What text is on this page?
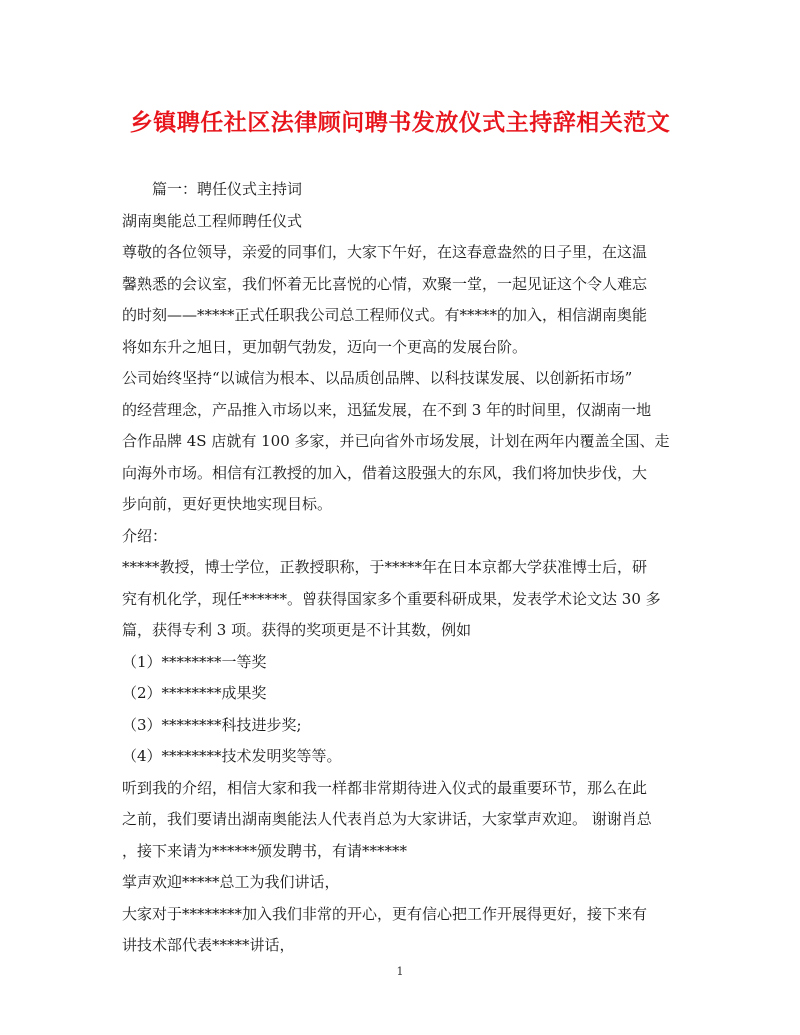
乡镇聘任社区法律顾问聘书发放仪式主持辞相关范文
篇一：聘任仪式主持词
湖南奥能总工程师聘任仪式
尊敬的各位领导，亲爱的同事们，大家下午好，在这春意盎然的日子里，在这温
馨熟悉的会议室，我们怀着无比喜悦的心情，欢聚一堂，一起见证这个令人难忘
的时刻——*****正式任职我公司总工程师仪式。有*****的加入，相信湖南奥能
将如东升之旭日，更加朝气勃发，迈向一个更高的发展台阶。
公司始终坚持“以诚信为根本、以品质创品牌、以科技谋发展、以创新拓市场”
的经营理念，产品推入市场以来，迅猛发展，在不到 3 年的时间里，仅湖南一地
合作品牌 4S 店就有 100 多家，并已向省外市场发展，计划在两年内覆盖全国、走
向海外市场。相信有江教授的加入，借着这股强大的东风，我们将加快步伐，大
步向前，更好更快地实现目标。
介绍：
*****教授，博士学位，正教授职称，于*****年在日本京都大学获准博士后，研
究有机化学，现任******。曾获得国家多个重要科研成果，发表学术论文达 30 多
篇，获得专利 3 项。获得的奖项更是不计其数，例如
（1）********一等奖
（2）********成果奖
（3）********科技进步奖;
（4）********技术发明奖等等。
听到我的介绍，相信大家和我一样都非常期待进入仪式的最重要环节，那么在此
之前，我们要请出湖南奥能法人代表肖总为大家讲话，大家掌声欢迎。 谢谢肖总
，接下来请为******颁发聘书，有请******
掌声欢迎*****总工为我们讲话，
大家对于********加入我们非常的开心，更有信心把工作开展得更好，接下来有
讲技术部代表*****讲话，
1
